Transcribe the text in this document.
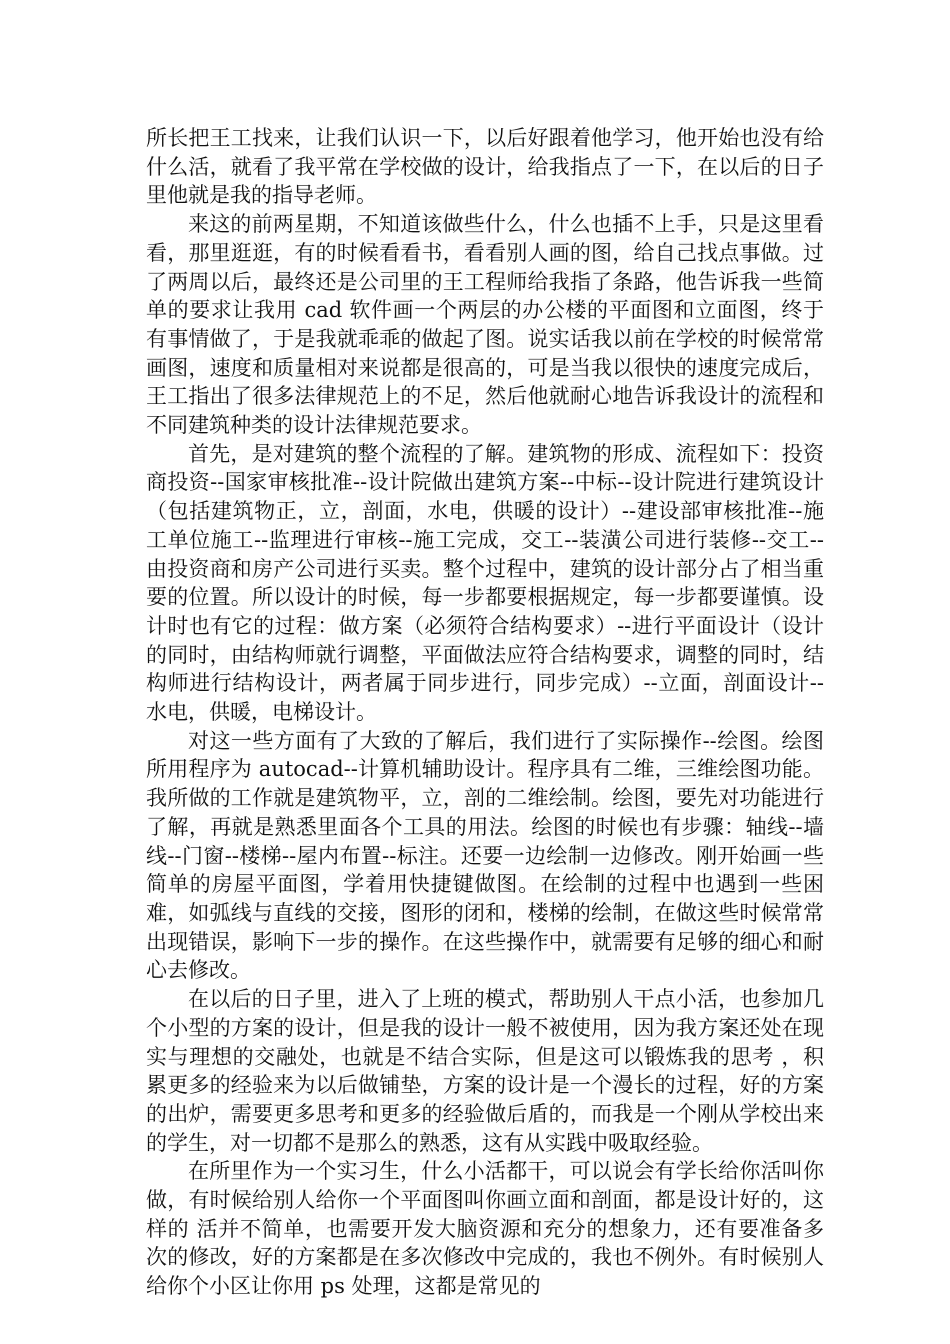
所长把王工找来，让我们认识一下，以后好跟着他学习，他开始也没有给什么活，就看了我平常在学校做的设计，给我指点了一下，在以后的日子里他就是我的指导老师。

来这的前两星期，不知道该做些什么，什么也插不上手，只是这里看看，那里逛逛，有的时候看看书，看看别人画的图，给自己找点事做。过了两周以后，最终还是公司里的王工程师给我指了条路，他告诉我一些简单的要求让我用 cad 软件画一个两层的办公楼的平面图和立面图，终于有事情做了，于是我就乖乖的做起了图。说实话我以前在学校的时候常常画图，速度和质量相对来说都是很高的，可是当我以很快的速度完成后，王工指出了很多法律规范上的不足，然后他就耐心地告诉我设计的流程和不同建筑种类的设计法律规范要求。

首先，是对建筑的整个流程的了解。建筑物的形成、流程如下：投资商投资--国家审核批准--设计院做出建筑方案--中标--设计院进行建筑设计（包括建筑物正，立，剖面，水电，供暖的设计）--建设部审核批准--施工单位施工--监理进行审核--施工完成，交工--装潢公司进行装修--交工--由投资商和房产公司进行买卖。整个过程中，建筑的设计部分占了相当重要的位置。所以设计的时候，每一步都要根据规定，每一步都要谨慎。设计时也有它的过程：做方案（必须符合结构要求）--进行平面设计（设计的同时，由结构师就行调整，平面做法应符合结构要求，调整的同时，结构师进行结构设计，两者属于同步进行，同步完成）--立面，剖面设计--水电，供暖，电梯设计。

对这一些方面有了大致的了解后，我们进行了实际操作--绘图。绘图所用程序为 autocad--计算机辅助设计。程序具有二维，三维绘图功能。我所做的工作就是建筑物平，立，剖的二维绘制。绘图，要先对功能进行了解，再就是熟悉里面各个工具的用法。绘图的时候也有步骤：轴线--墙线--门窗--楼梯--屋内布置--标注。还要一边绘制一边修改。刚开始画一些简单的房屋平面图，学着用快捷键做图。在绘制的过程中也遇到一些困难，如弧线与直线的交接，图形的闭和，楼梯的绘制，在做这些时候常常出现错误，影响下一步的操作。在这些操作中，就需要有足够的细心和耐心去修改。

在以后的日子里，进入了上班的模式，帮助别人干点小活，也参加几个小型的方案的设计，但是我的设计一般不被使用，因为我方案还处在现实与理想的交融处，也就是不结合实际，但是这可以锻炼我的思考 ，积累更多的经验来为以后做铺垫，方案的设计是一个漫长的过程，好的方案的出炉，需要更多思考和更多的经验做后盾的，而我是一个刚从学校出来的学生，对一切都不是那么的熟悉，这有从实践中吸取经验。

在所里作为一个实习生，什么小活都干，可以说会有学长给你活叫你做，有时候给别人给你一个平面图叫你画立面和剖面，都是设计好的，这样的 活并不简单，也需要开发大脑资源和充分的想象力，还有要准备多次的修改，好的方案都是在多次修改中完成的，我也不例外。有时候别人给你个小区让你用 ps 处理，这都是常见的
